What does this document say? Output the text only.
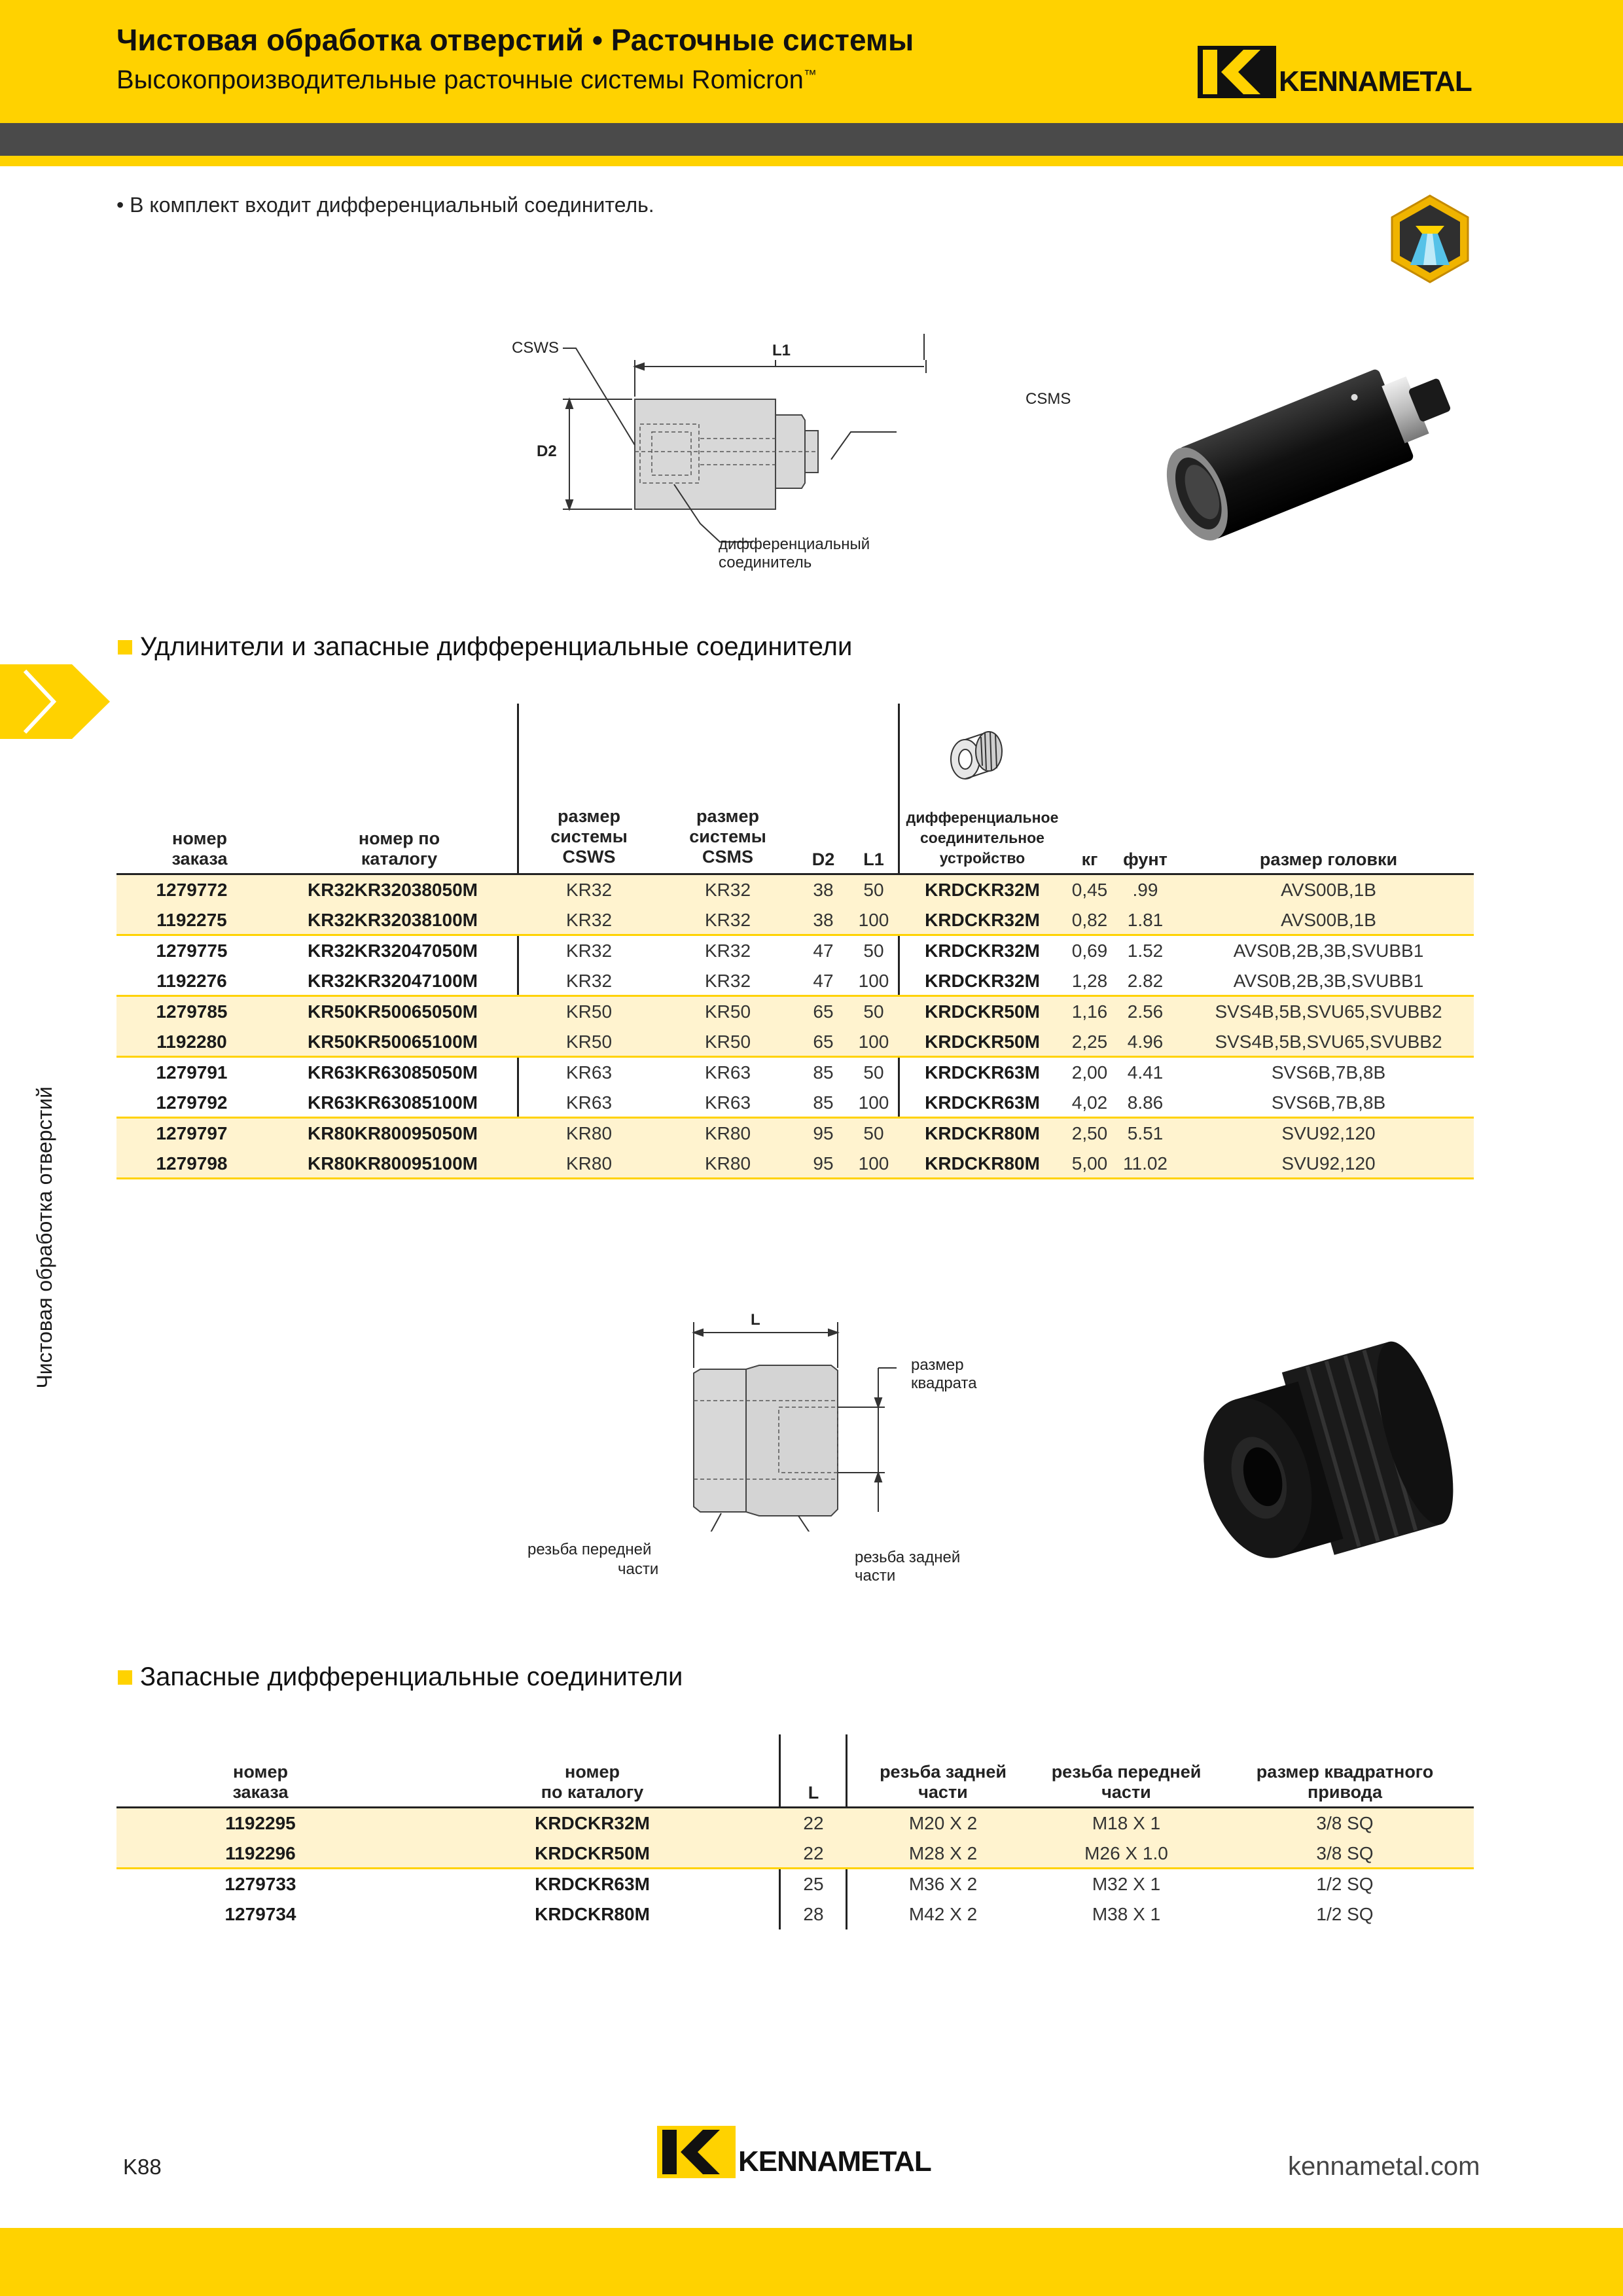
Чистовая обработка отверстий • Расточные системы
Высокопроизводительные расточные системы Romicron™	KENNAMETAL
Чистовая обработка отверстий
• В комплект входит дифференциальный соединитель.
CSWS	L1
CSMS
D2
дифференциальный
соединитель
Удлинители и запасные дифференциальные соединители
номер
заказа
номер по
каталогу
размер
системы
CSWS
размер
системы
CSMS	D2	L1
дифференциальное
соединительное
устройство	кг	фунт	размер головки
1279772	KR32KR32038050M	KR32	KR32	38	50	KRDCKR32M	0,45	.99	AVS00B,1B
1192275	KR32KR32038100M	KR32	KR32	38	100	KRDCKR32M	0,82	1.81	AVS00B,1B
1279775	KR32KR32047050M	KR32	KR32	47	50	KRDCKR32M	0,69	1.52	AVS0B,2B,3B,SVUBB1
1192276	KR32KR32047100M	KR32	KR32	47	100	KRDCKR32M	1,28	2.82	AVS0B,2B,3B,SVUBB1
1279785	KR50KR50065050M	KR50	KR50	65	50	KRDCKR50M	1,16	2.56	SVS4B,5B,SVU65,SVUBB2
1192280	KR50KR50065100M	KR50	KR50	65	100	KRDCKR50M	2,25	4.96	SVS4B,5B,SVU65,SVUBB2
1279791	KR63KR63085050M	KR63	KR63	85	50	KRDCKR63M	2,00	4.41	SVS6B,7B,8B
1279792	KR63KR63085100M	KR63	KR63	85	100	KRDCKR63M	4,02	8.86	SVS6B,7B,8B
1279797	KR80KR80095050M	KR80	KR80	95	50	KRDCKR80M	2,50	5.51	SVU92,120
1279798	KR80KR80095100M	KR80	KR80	95	100	KRDCKR80M	5,00 11.02	SVU92,120
L
размер
квадрата
резьба передней
части
резьба задней
части
Запасные дифференциальные соединители
номер
заказа
номер
по каталогу	L
резьба задней
части
резьба передней
части
размер квадратного
привода
1192295	KRDCKR32M	22	M20 X 2	M18 X 1	3/8 SQ
1192296	KRDCKR50M	22	M28 X 2	M26 X 1.0	3/8 SQ
1279733	KRDCKR63M	25	M36 X 2	M32 X 1	1/2 SQ
1279734	KRDCKR80M	28	M42 X 2	M38 X 1	1/2 SQ
K88	KENNAMETAL	kennametal.com
